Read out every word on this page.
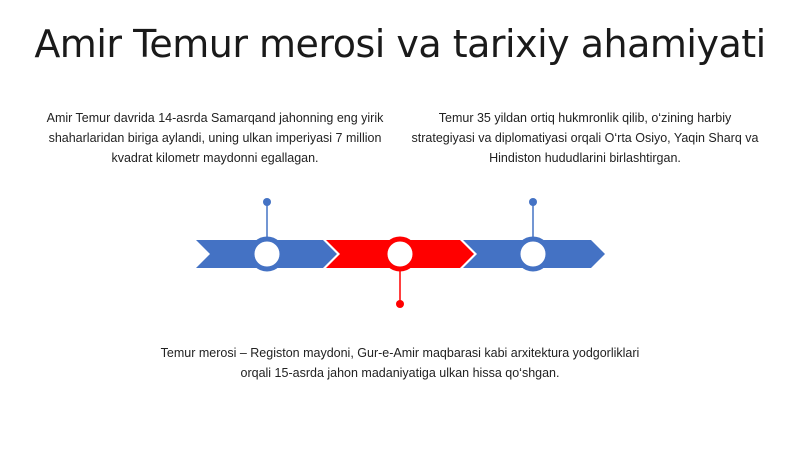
Amir Temur merosi va tarixiy ahamiyati
Amir Temur davrida 14-asrda Samarqand jahonning eng yirik shaharlaridan biriga aylandi, uning ulkan imperiyasi 7 million kvadrat kilometr maydonni egallagan.
Temur 35 yildan ortiq hukmronlik qilib, o‘zining harbiy strategiyasi va diplomatiyasi orqali O‘rta Osiyo, Yaqin Sharq va Hindiston hududlarini birlashtirgan.
Temur merosi – Registon maydoni, Gur-e-Amir maqbarasi kabi arxitektura yodgorliklari orqali 15-asrda jahon madaniyatiga ulkan hissa qo‘shgan.
